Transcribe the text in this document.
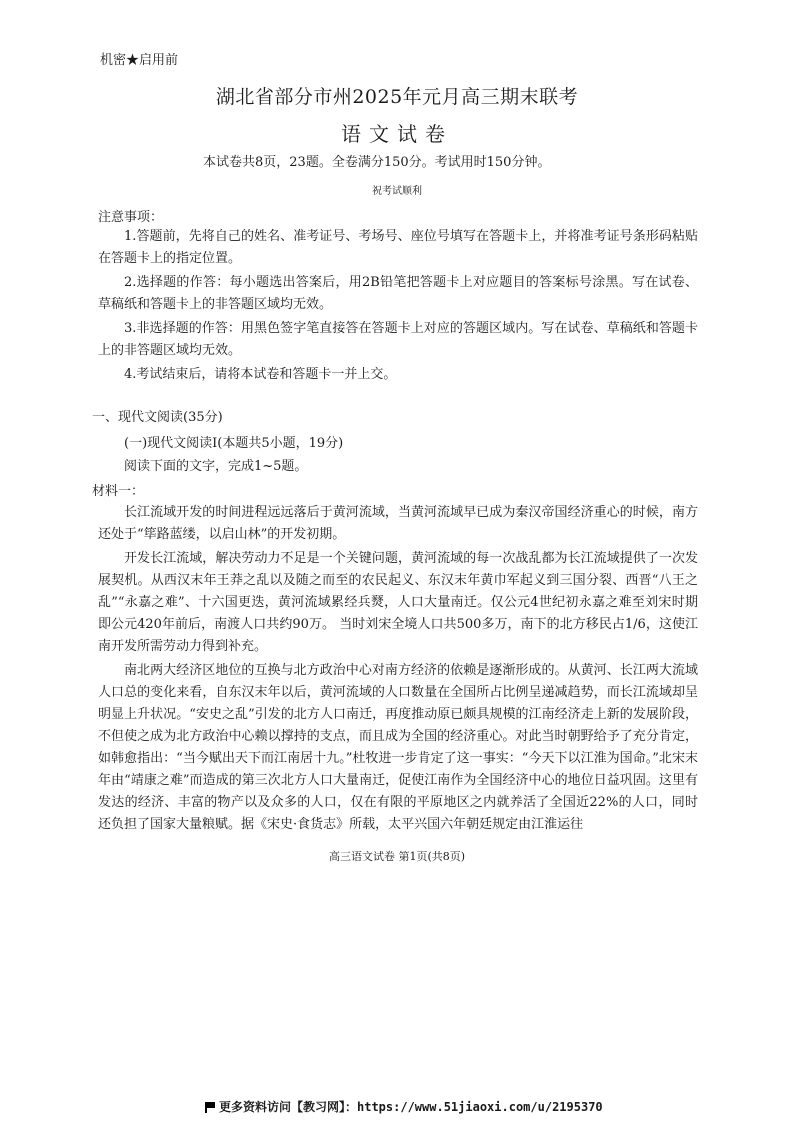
机密★启用前
湖北省部分市州2025年元月高三期末联考
语文试卷
本试卷共8页，23题。全卷满分150分。考试用时150分钟。
祝考试顺利
注意事项：
1.答题前，先将自己的姓名、准考证号、考场号、座位号填写在答题卡上，并将准考证号条形码粘贴在答题卡上的指定位置。
2.选择题的作答：每小题选出答案后，用2B铅笔把答题卡上对应题目的答案标号涂黑。写在试卷、草稿纸和答题卡上的非答题区域均无效。
3.非选择题的作答：用黑色签字笔直接答在答题卡上对应的答题区域内。写在试卷、草稿纸和答题卡上的非答题区域均无效。
4.考试结束后，请将本试卷和答题卡一并上交。
一、现代文阅读(35分)
(一)现代文阅读Ⅰ(本题共5小题，19分)
阅读下面的文字，完成1~5题。
材料一：
长江流域开发的时间进程远远落后于黄河流域，当黄河流域早已成为秦汉帝国经济重心的时候，南方还处于“筚路蓝缕，以启山林”的开发初期。
开发长江流域，解决劳动力不足是一个关键问题，黄河流域的每一次战乱都为长江流域提供了一次发展契机。从西汉末年王莽之乱以及随之而至的农民起义、东汉末年黄巾军起义到三国分裂、西晋“八王之乱”“永嘉之难”、十六国更迭，黄河流域累经兵燹，人口大量南迁。仅公元4世纪初永嘉之难至刘宋时期即公元420年前后，南渡人口共约90万。 当时刘宋全境人口共500多万，南下的北方移民占1/6，这使江南开发所需劳动力得到补充。
南北两大经济区地位的互换与北方政治中心对南方经济的依赖是逐渐形成的。从黄河、长江两大流域人口总的变化来看，自东汉末年以后，黄河流域的人口数量在全国所占比例呈递减趋势，而长江流域却呈明显上升状况。“安史之乱”引发的北方人口南迁，再度推动原已颇具规模的江南经济走上新的发展阶段，不但使之成为北方政治中心赖以撑持的支点，而且成为全国的经济重心。对此当时朝野给予了充分肯定，如韩愈指出：“当今赋出天下而江南居十九。”杜牧进一步肯定了这一事实：“今天下以江淮为国命。”北宋末年由“靖康之难”而造成的第三次北方人口大量南迁，促使江南作为全国经济中心的地位日益巩固。这里有发达的经济、丰富的物产以及众多的人口，仅在有限的平原地区之内就养活了全国近22%的人口，同时还负担了国家大量粮赋。据《宋史·食货志》所载，太平兴国六年朝廷规定由江淮运往
高三语文试卷 第1页(共8页)
更多资料访问【教习网】：https://www.51jiaoxi.com/u/2195370
